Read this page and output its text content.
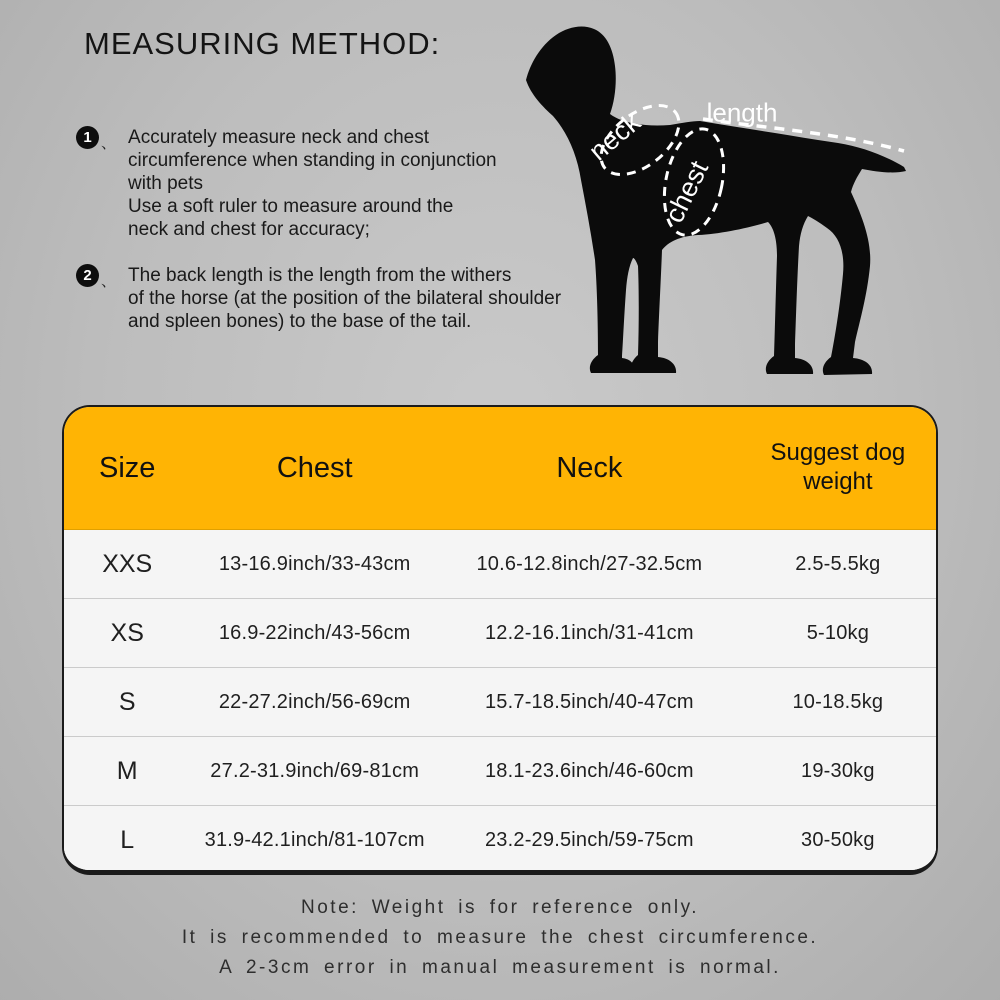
MEASURING METHOD:
1 、 Accurately measure neck and chest
circumference when standing in conjunction
with pets
Use a soft ruler to measure around the
neck and chest for accuracy;
2 、 The back length is the length from the withers
of the horse (at the position of the bilateral shoulder
and spleen bones) to the base of the tail.
neck
chest
length
Size	Chest	Neck	Suggest dog weight
XXS	13-16.9inch/33-43cm	10.6-12.8inch/27-32.5cm	2.5-5.5kg
XS	16.9-22inch/43-56cm	12.2-16.1inch/31-41cm	5-10kg
S	22-27.2inch/56-69cm	15.7-18.5inch/40-47cm	10-18.5kg
M	27.2-31.9inch/69-81cm	18.1-23.6inch/46-60cm	19-30kg
L	31.9-42.1inch/81-107cm	23.2-29.5inch/59-75cm	30-50kg
Note: Weight is for reference only.
It is recommended to measure the chest circumference.
A 2-3cm error in manual measurement is normal.
